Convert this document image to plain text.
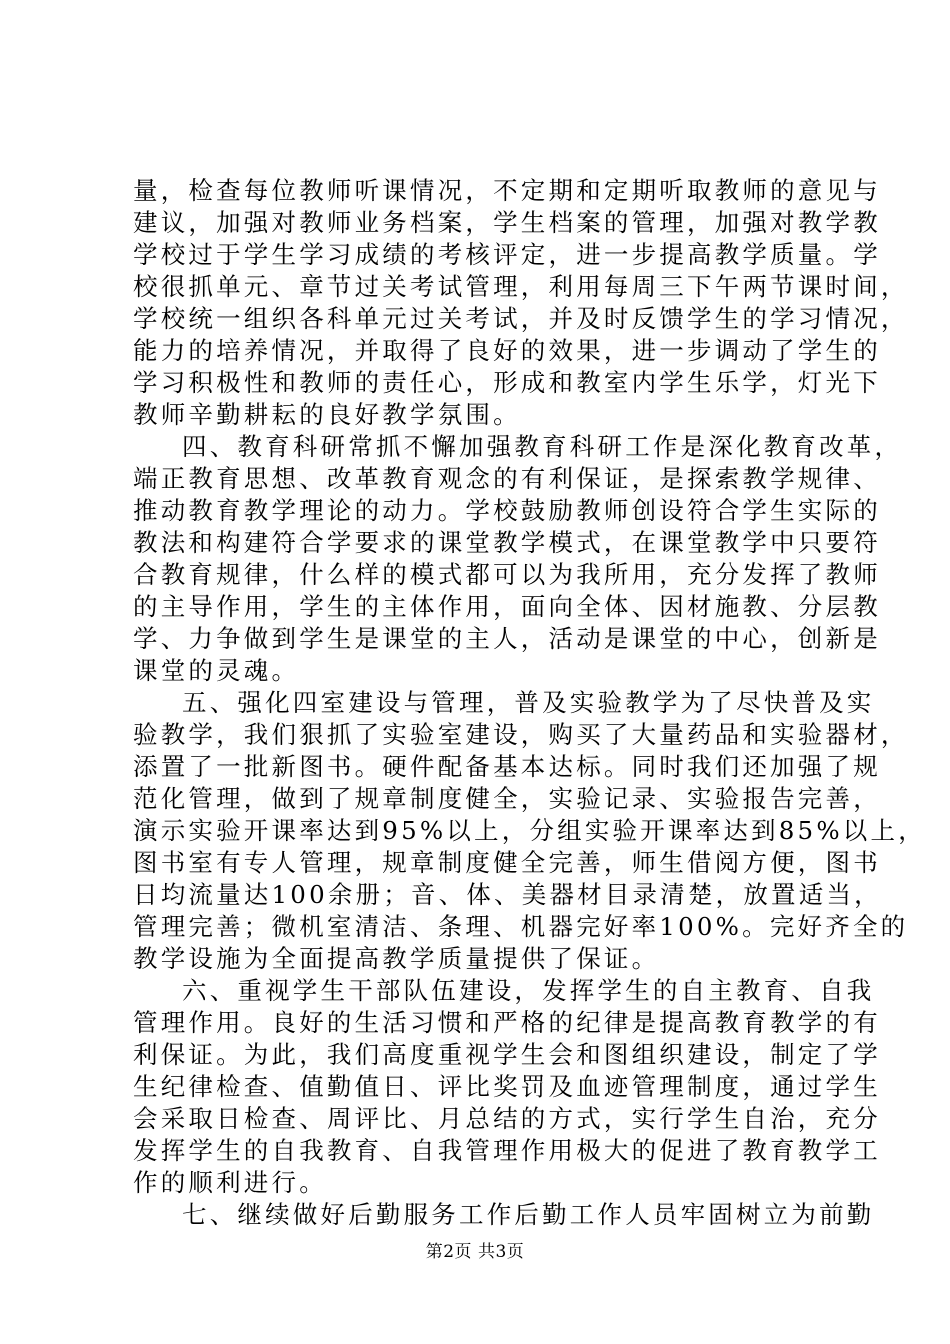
量，检查每位教师听课情况，不定期和定期听取教师的意见与
建议，加强对教师业务档案，学生档案的管理，加强对教学教
学校过于学生学习成绩的考核评定，进一步提高教学质量。学
校很抓单元、章节过关考试管理，利用每周三下午两节课时间，
学校统一组织各科单元过关考试，并及时反馈学生的学习情况，
能力的培养情况，并取得了良好的效果，进一步调动了学生的
学习积极性和教师的责任心，形成和教室内学生乐学，灯光下
教师辛勤耕耘的良好教学氛围。
四、教育科研常抓不懈加强教育科研工作是深化教育改革，
端正教育思想、改革教育观念的有利保证，是探索教学规律、
推动教育教学理论的动力。学校鼓励教师创设符合学生实际的
教法和构建符合学要求的课堂教学模式，在课堂教学中只要符
合教育规律，什么样的模式都可以为我所用，充分发挥了教师
的主导作用，学生的主体作用，面向全体、因材施教、分层教
学、力争做到学生是课堂的主人，活动是课堂的中心，创新是
课堂的灵魂。
五、强化四室建设与管理，普及实验教学为了尽快普及实
验教学，我们狠抓了实验室建设，购买了大量药品和实验器材，
添置了一批新图书。硬件配备基本达标。同时我们还加强了规
范化管理，做到了规章制度健全，实验记录、实验报告完善，
演示实验开课率达到95%以上，分组实验开课率达到85%以上，
图书室有专人管理，规章制度健全完善，师生借阅方便，图书
日均流量达100余册；音、体、美器材目录清楚，放置适当，
管理完善；微机室清洁、条理、机器完好率100%。完好齐全的
教学设施为全面提高教学质量提供了保证。
六、重视学生干部队伍建设，发挥学生的自主教育、自我
管理作用。良好的生活习惯和严格的纪律是提高教育教学的有
利保证。为此，我们高度重视学生会和图组织建设，制定了学
生纪律检查、值勤值日、评比奖罚及血迹管理制度，通过学生
会采取日检查、周评比、月总结的方式，实行学生自治，充分
发挥学生的自我教育、自我管理作用极大的促进了教育教学工
作的顺利进行。
七、继续做好后勤服务工作后勤工作人员牢固树立为前勤
第2页 共3页
